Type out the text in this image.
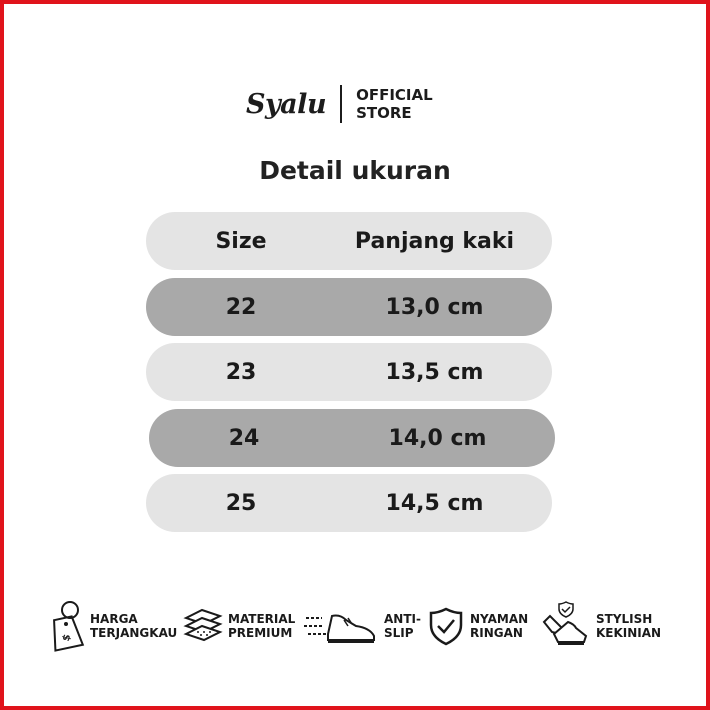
Syalu OFFICIAL
STORE
Detail ukuran
Size	Panjang kaki
22	13,0 cm
23	13,5 cm
24	14,0 cm
25	14,5 cm
$
HARGA
TERJANGKAU
MATERIAL
PREMIUM
ANTI-
SLIP
NYAMAN
RINGAN
STYLISH
KEKINIAN
